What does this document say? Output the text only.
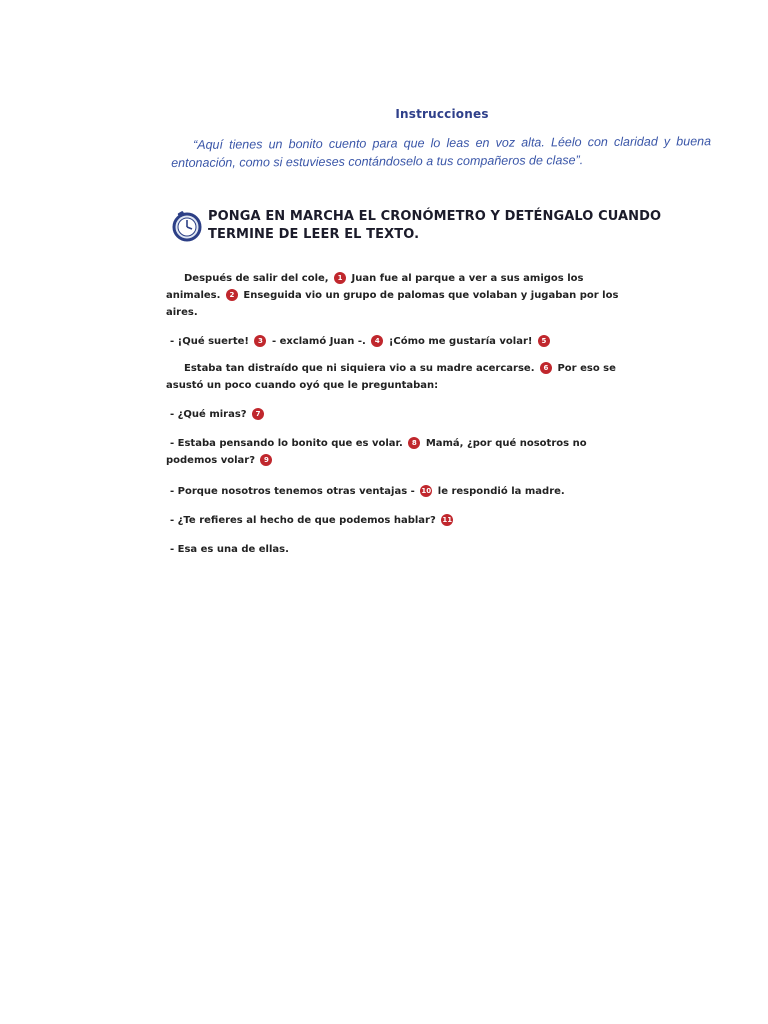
Instrucciones
“Aquí tienes un bonito cuento para que lo leas en voz alta. Léelo con claridad y buena entonación, como si estuvieses contándoselo a tus compañeros de clase”.
PONGA EN MARCHA EL CRONÓMETRO Y DETÉNGALO CUANDO TERMINE DE LEER EL TEXTO.

Después de salir del cole, 1 Juan fue al parque a ver a sus amigos los animales. 2 Enseguida vio un grupo de palomas que volaban y jugaban por los aires.

- ¡Qué suerte! 3 - exclamó Juan -. 4 ¡Cómo me gustaría volar! 5

Estaba tan distraído que ni siquiera vio a su madre acercarse. 6 Por eso se asustó un poco cuando oyó que le preguntaban:

- ¿Qué miras? 7

- Estaba pensando lo bonito que es volar. 8 Mamá, ¿por qué nosotros no podemos volar? 9

- Porque nosotros tenemos otras ventajas - 10 le respondió la madre.

- ¿Te refieres al hecho de que podemos hablar? 11

- Esa es una de ellas.
